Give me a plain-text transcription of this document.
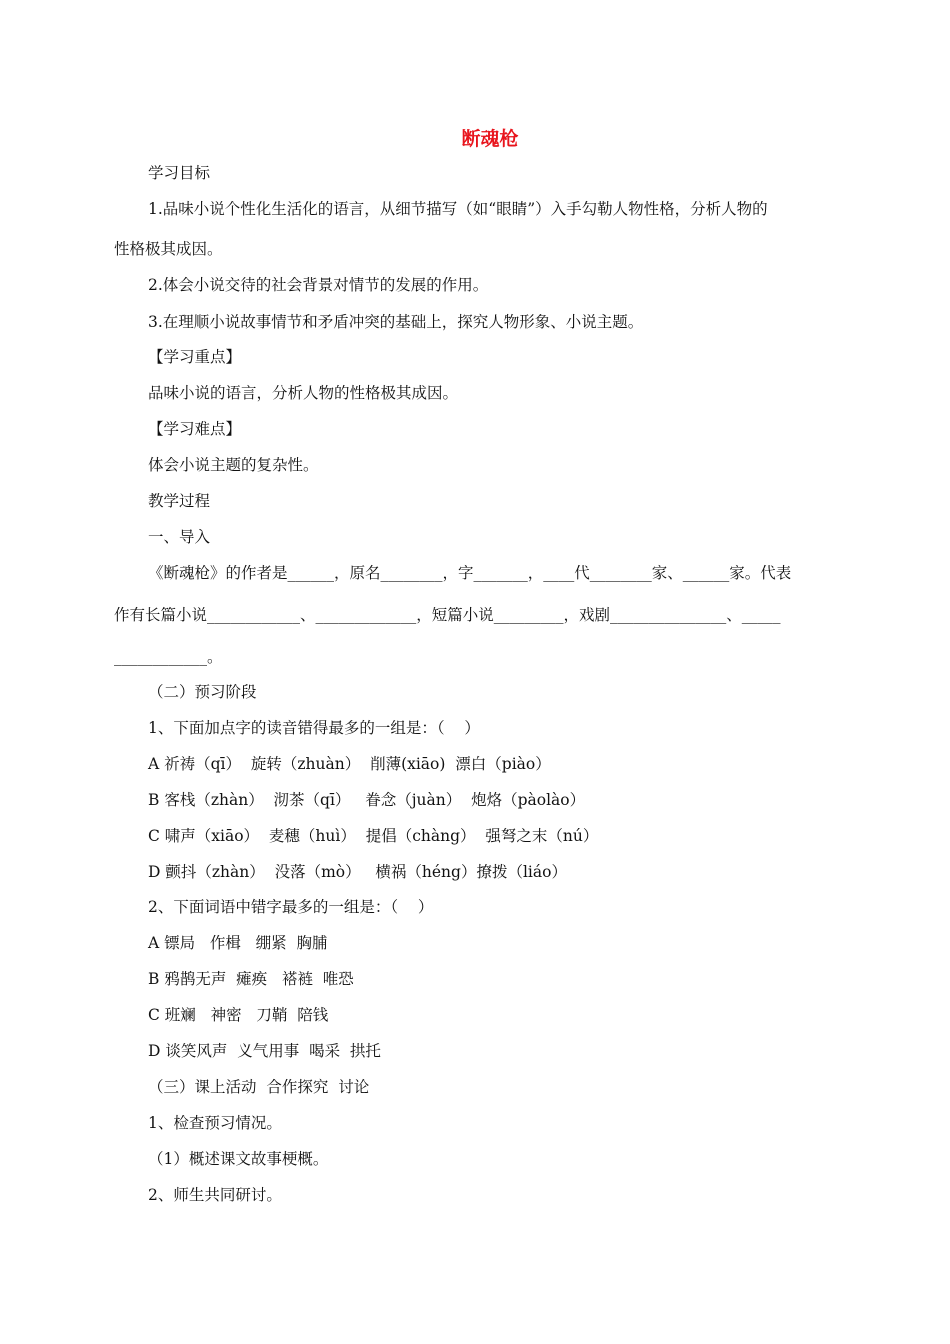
断魂枪
学习目标
1.品味小说个性化生活化的语言，从细节描写（如“眼睛”）入手勾勒人物性格，分析人物的
性格极其成因。
2.体会小说交待的社会背景对情节的发展的作用。
3.在理顺小说故事情节和矛盾冲突的基础上，探究人物形象、小说主题。
【学习重点】
品味小说的语言，分析人物的性格极其成因。
【学习难点】
体会小说主题的复杂性。
教学过程
一、导入
《断魂枪》的作者是______，原名________，字_______，____代________家、______家。代表
作有长篇小说____________、_____________，短篇小说_________，戏剧_______________、_____
____________。
（二）预习阶段
1、下面加点字的读音错得最多的一组是：（    ）
A 祈祷（qī）  旋转（zhuàn）  削薄(xiāo)  漂白（piào）
B 客栈（zhàn）  沏茶（qī）   眷念（juàn）  炮烙（pàolào）
C 啸声（xiāo）  麦穗（huì）  提倡（chàng）  强弩之末（nú）
D 颤抖（zhàn）  没落（mò）   横祸（héng）撩拨（liáo）
2、下面词语中错字最多的一组是：（    ）
A 镖局   作楫   绷紧  胸脯
B 鸦鹊无声  瘫痪   褡裢  唯恐
C 班斓   神密   刀鞘  陪钱
D 谈笑风声  义气用事  喝采  拱托
（三）课上活动  合作探究  讨论
1、检查预习情况。
（1）概述课文故事梗概。
2、师生共同研讨。
